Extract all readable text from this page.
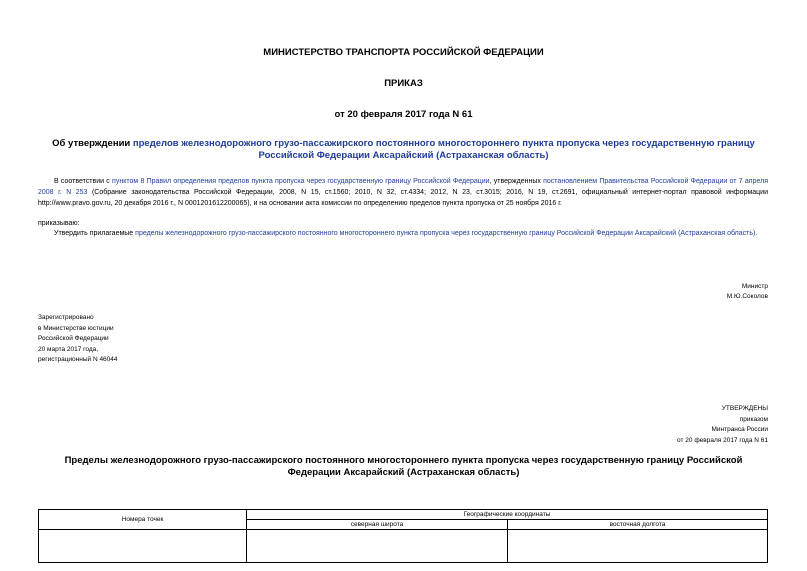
МИНИСТЕРСТВО ТРАНСПОРТА РОССИЙСКОЙ ФЕДЕРАЦИИ
ПРИКАЗ
от 20 февраля 2017 года N 61
Об утверждении пределов железнодорожного грузо-пассажирского постоянного многостороннего пункта пропуска через государственную границу Российской Федерации Аксарайский (Астраханская область)
В соответствии с пунктом 8 Правил определения пределов пункта пропуска через государственную границу Российской Федерации, утвержденных постановлением Правительства Российской Федерации от 7 апреля 2008 г. N 253 (Собрание законодательства Российской Федерации, 2008, N 15, ст.1560; 2010, N 32, ст.4334; 2012, N 23, ст.3015; 2016, N 19, ст.2691, официальный интернет-портал правовой информации http://www.pravo.gov.ru, 20 декабря 2016 г., N 0001201612200065), и на основании акта комиссии по определению пределов пункта пропуска от 25 ноября 2016 г.
приказываю:
Утвердить прилагаемые пределы железнодорожного грузо-пассажирского постоянного многостороннего пункта пропуска через государственную границу Российской Федерации Аксарайский (Астраханская область).
Министр
М.Ю.Соколов
Зарегистрировано
в Министерстве юстиции
Российской Федерации
20 марта 2017 года,
регистрационный N 46044
УТВЕРЖДЕНЫ
приказом
Минтранса России
от 20 февраля 2017 года N 61
Пределы железнодорожного грузо-пассажирского постоянного многостороннего пункта пропуска через государственную границу Российской Федерации Аксарайский (Астраханская область)
Номера точек	Географические координаты	
	северная широта	восточная долгота
